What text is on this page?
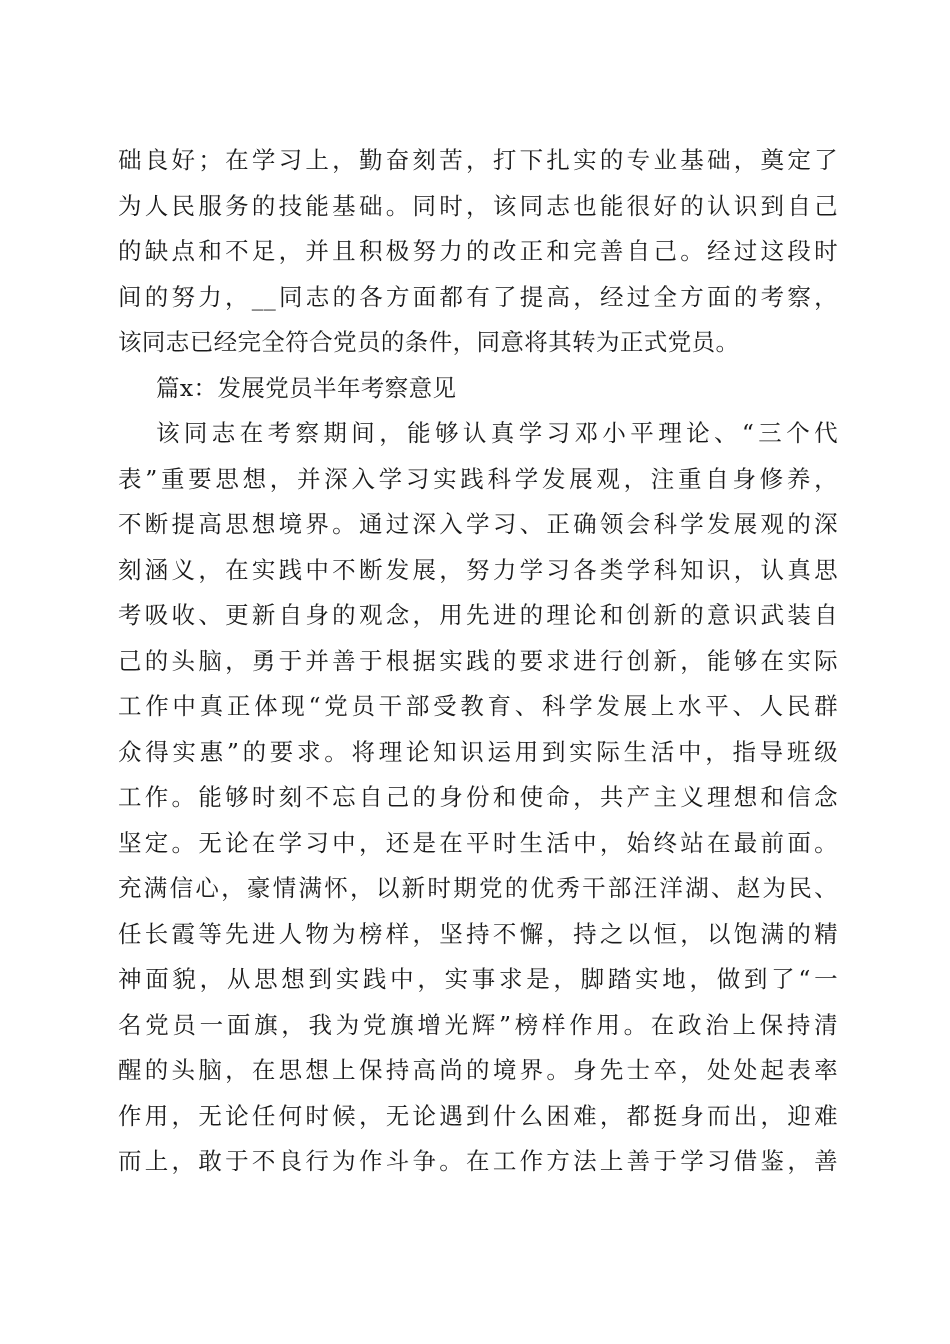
础良好；在学习上，勤奋刻苦，打下扎实的专业基础，奠定了
为人民服务的技能基础。同时，该同志也能很好的认识到自己
的缺点和不足，并且积极努力的改正和完善自己。经过这段时
间的努力，__同志的各方面都有了提高，经过全方面的考察，
该同志已经完全符合党员的条件，同意将其转为正式党员。
篇x：发展党员半年考察意见
该同志在考察期间，能够认真学习邓小平理论、“三个代
表”重要思想，并深入学习实践科学发展观，注重自身修养，
不断提高思想境界。通过深入学习、正确领会科学发展观的深
刻涵义，在实践中不断发展，努力学习各类学科知识，认真思
考吸收、更新自身的观念，用先进的理论和创新的意识武装自
己的头脑，勇于并善于根据实践的要求进行创新，能够在实际
工作中真正体现“党员干部受教育、科学发展上水平、人民群
众得实惠”的要求。将理论知识运用到实际生活中，指导班级
工作。能够时刻不忘自己的身份和使命，共产主义理想和信念
坚定。无论在学习中，还是在平时生活中，始终站在最前面。
充满信心，豪情满怀，以新时期党的优秀干部汪洋湖、赵为民、
任长霞等先进人物为榜样，坚持不懈，持之以恒，以饱满的精
神面貌，从思想到实践中，实事求是，脚踏实地，做到了“一
名党员一面旗，我为党旗增光辉”榜样作用。在政治上保持清
醒的头脑，在思想上保持高尚的境界。身先士卒，处处起表率
作用，无论任何时候，无论遇到什么困难，都挺身而出，迎难
而上，敢于不良行为作斗争。在工作方法上善于学习借鉴，善
